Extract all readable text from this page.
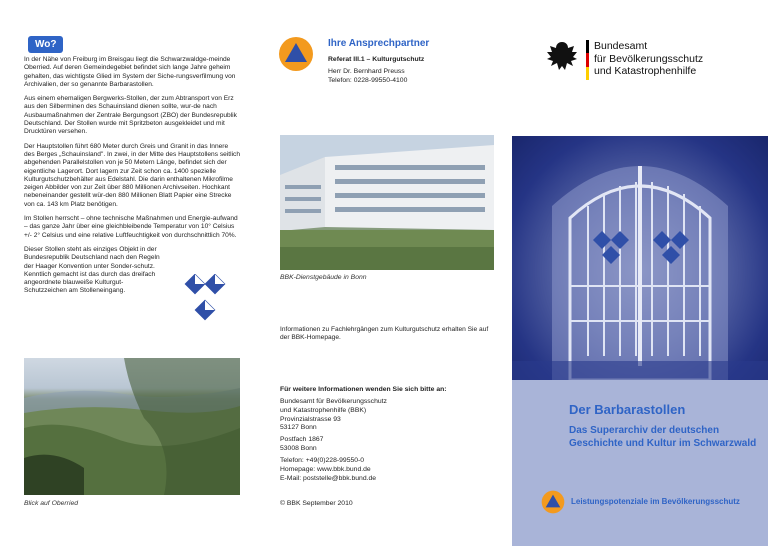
Wo?

In der Nähe von Freiburg im Breisgau liegt die Schwarzwaldge-meinde Oberried. Auf deren Gemeindegebiet befindet sich lange Jahre geheim gehalten, das wichtigste Glied im System der Siche-rungsverfilmung von Archivalien, der so genannte Barbarastollen.

Aus einem ehemaligen Bergwerks-Stollen, der zum Abtransport von Erz aus den Silberminen des Schauinsland dienen sollte, wur-de nach Ausbaumaßnahmen der Zentrale Bergungsort (ZBO) der Bundesrepublik Deutschland. Der Stollen wurde mit Spritzbeton ausgekleidet und mit Drucktüren versehen.

Der Hauptstollen führt 680 Meter durch Greis und Granit in das Innere des Berges „Schauinsland". In zwei, in der Mitte des Hauptstollens seitlich abgehenden Parallelstollen von je 50 Metern Länge, befindet sich der eigentliche Lagerort. Dort lagern zur Zeit schon ca. 1400 spezielle Kulturgutschutzbehälter aus Edelstahl. Die darin enthaltenen Mikrofilme zeigen Abbilder von zur Zeit über 880 Millionen Archivseiten. Hochkant nebeneinander gestellt wür-den 880 Millionen Blatt Papier eine Strecke von ca. 143 km Platz benötigen.

Im Stollen herrscht – ohne technische Maßnahmen und Energie-aufwand – das ganze Jahr über eine gleichbleibende Temperatur von 10° Celsius +/- 2° Celsius und eine relative Luftfeuchtigkeit von durchschnittlich 70%.

Dieser Stollen steht als einziges Objekt in der Bundesrepublik Deutschland nach den Regeln der Haager Konvention unter Sonder-schutz. Kenntlich gemacht ist das durch das dreifach angeordnete blauweiße Kulturgut-Schutzzeichen am Stolleneingang.

Blick auf Oberried
Ihre Ansprechpartner
Referat III.1 – Kulturgutschutz
Herr Dr. Bernhard Preuss
Telefon: 0228-99550-4100
BBK-Dienstgebäude in Bonn

Informationen zu Fachlehrgängen zum Kulturgutschutz erhalten Sie auf der BBK-Homepage.

Für weitere Informationen wenden Sie sich bitte an:
Bundesamt für Bevölkerungsschutz
und Katastrophenhilfe (BBK)
Provinzialstrasse 93
53127 Bonn
Postfach 1867
53008 Bonn
Telefon: +49(0)228-99550-0
Homepage: www.bbk.bund.de
E-Mail: poststelle@bbk.bund.de
© BBK September 2010
Bundesamt
für Bevölkerungsschutz
und Katastrophenhilfe
Der Barbarastollen
Das Superarchiv der deutschen Geschichte und Kultur im Schwarzwald
Leistungspotenziale im Bevölkerungsschutz
